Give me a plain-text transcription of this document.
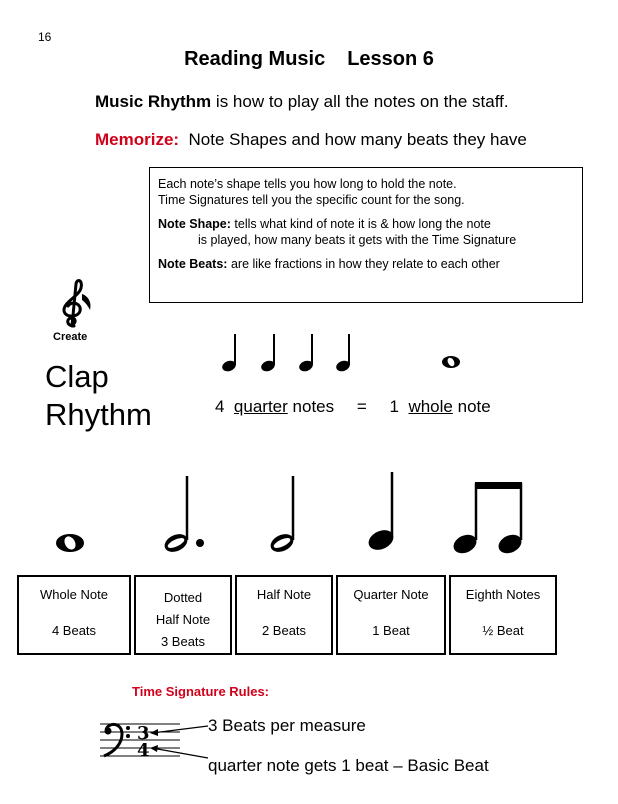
16
Reading Music Lesson 6
Music Rhythm is how to play all the notes on the staff.
Memorize: Note Shapes and how many beats they have

Each note’s shape tells you how long to hold the note.

Time Signatures tell you the specific count for the song.

Note Shape: tells what kind of note it is & how long the note

is played, how many beats it gets with the Time Signature

Note Beats: are like fractions in how they relate to each other

Create
Clap
Rhythm	4 quarter notes = 1 whole note
Whole Note
4 Beats
Dotted
Half Note
3 Beats
Half Note
2 Beats
Quarter Note
1 Beat
Eighth Notes
½ Beat
Time Signature Rules:
3
4
3 Beats per measure
quarter note gets 1 beat – Basic Beat
